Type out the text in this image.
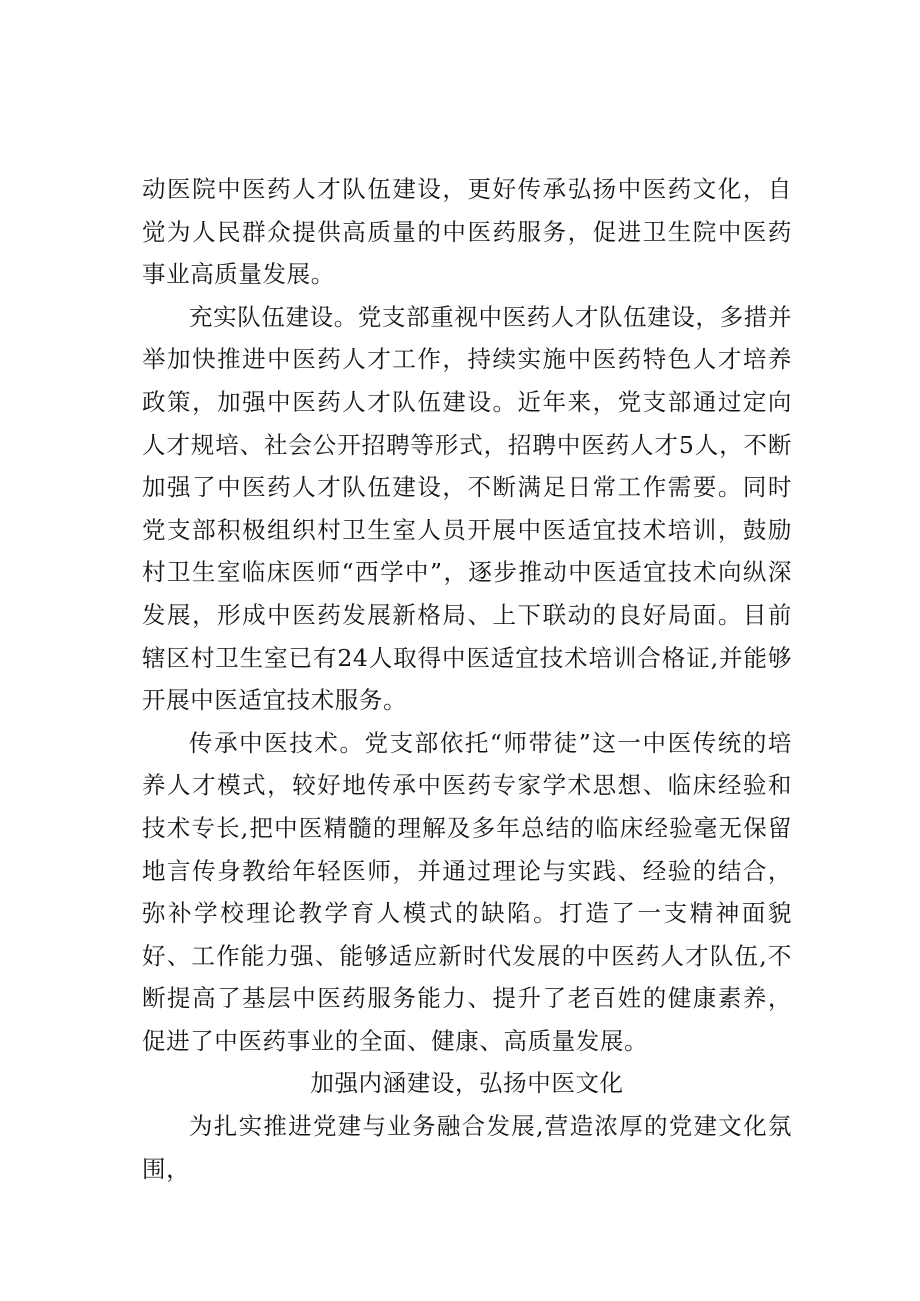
动医院中医药人才队伍建设，更好传承弘扬中医药文化，自觉为人民群众提供高质量的中医药服务，促进卫生院中医药事业高质量发展。

充实队伍建设。党支部重视中医药人才队伍建设，多措并举加快推进中医药人才工作，持续实施中医药特色人才培养政策，加强中医药人才队伍建设。近年来，党支部通过定向人才规培、社会公开招聘等形式，招聘中医药人才5人，不断加强了中医药人才队伍建设，不断满足日常工作需要。同时党支部积极组织村卫生室人员开展中医适宜技术培训，鼓励村卫生室临床医师“西学中”，逐步推动中医适宜技术向纵深发展，形成中医药发展新格局、上下联动的良好局面。目前辖区村卫生室已有24人取得中医适宜技术培训合格证,并能够开展中医适宜技术服务。

传承中医技术。党支部依托“师带徒”这一中医传统的培养人才模式，较好地传承中医药专家学术思想、临床经验和技术专长,把中医精髓的理解及多年总结的临床经验毫无保留地言传身教给年轻医师，并通过理论与实践、经验的结合，弥补学校理论教学育人模式的缺陷。打造了一支精神面貌好、工作能力强、能够适应新时代发展的中医药人才队伍,不断提高了基层中医药服务能力、提升了老百姓的健康素养，促进了中医药事业的全面、健康、高质量发展。

加强内涵建设，弘扬中医文化

为扎实推进党建与业务融合发展,营造浓厚的党建文化氛围，
